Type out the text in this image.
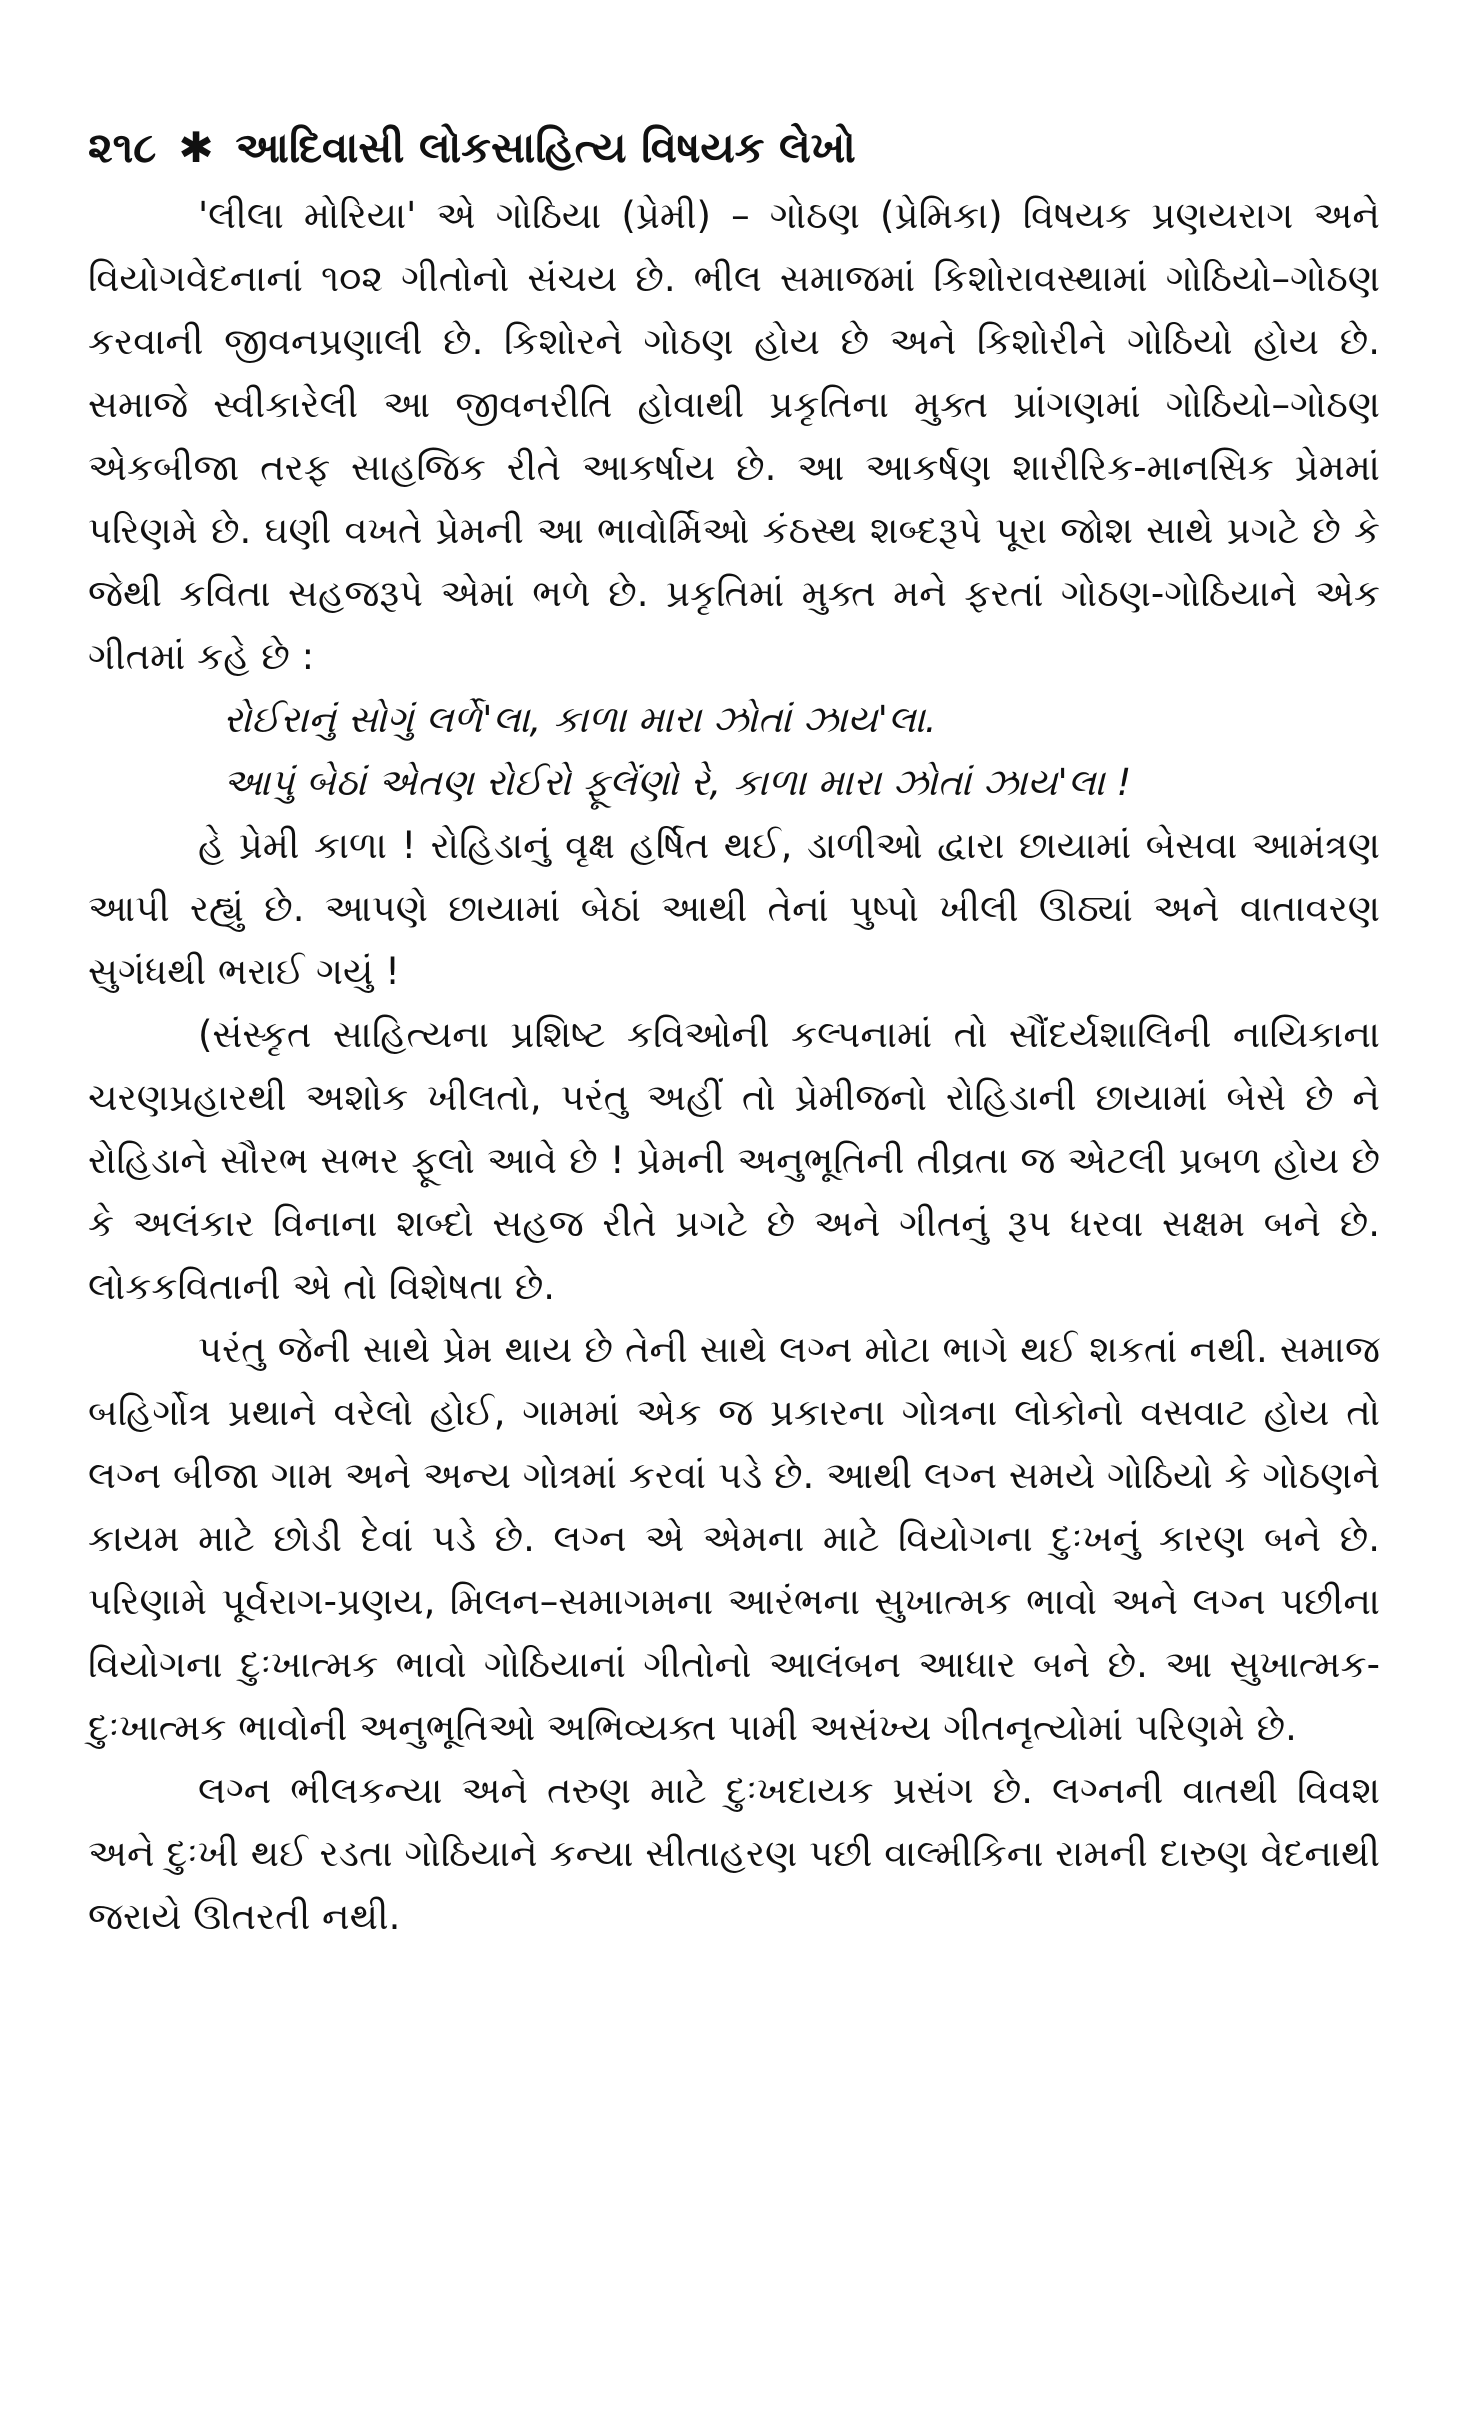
૨૧૮ ✱ આદિવાસી લોકસાહિત્ય વિષયક લેખો

'લીલા મોરિયા' એ ગોઠિયા (પ્રેમી) – ગોઠણ (પ્રેમિકા) વિષયક પ્રણયરાગ અને વિયોગવેદનાનાં ૧૦૨ ગીતોનો સંચય છે. ભીલ સમાજમાં કિશોરાવસ્થામાં ગોઠિયો–ગોઠણ કરવાની જીવનપ્રણાલી છે. કિશોરને ગોઠણ હોય છે અને કિશોરીને ગોઠિયો હોય છે. સમાજે સ્વીકારેલી આ જીવનરીતિ હોવાથી પ્રકૃતિના મુક્ત પ્રાંગણમાં ગોઠિયો–ગોઠણ એકબીજા તરફ સાહજિક રીતે આકર્ષાય છે. આ આકર્ષણ શારીરિક-માનસિક પ્રેમમાં પરિણમે છે. ઘણી વખતે પ્રેમની આ ભાવોર્મિઓ કંઠસ્થ શબ્દરૂપે પૂરા જોશ સાથે પ્રગટે છે કે જેથી કવિતા સહજરૂપે એમાં ભળે છે. પ્રકૃતિમાં મુક્ત મને ફરતાં ગોઠણ-ગોઠિયાને એક ગીતમાં કહે છે :

રોઈરાનું સોગું લર્ળે'લા, કાળા મારા ઝોતાં ઝાય'લા.

આપું બેઠાં એતણ રોઈરો ફૂલેંણો રે, કાળા મારા ઝોતાં ઝાય'લા !

હે પ્રેમી કાળા ! રોહિડાનું વૃક્ષ હર્ષિત થઈ, ડાળીઓ દ્વારા છાયામાં બેસવા આમંત્રણ આપી રહ્યું છે. આપણે છાયામાં બેઠાં આથી તેનાં પુષ્પો ખીલી ઊઠ્યાં અને વાતાવરણ સુગંધથી ભરાઈ ગયું !

(સંસ્કૃત સાહિત્યના પ્રશિષ્ટ કવિઓની કલ્પનામાં તો સૌંદર્યશાલિની નાયિકાના ચરણપ્રહારથી અશોક ખીલતો, પરંતુ અહીં તો પ્રેમીજનો રોહિડાની છાયામાં બેસે છે ને રોહિડાને સૌરભ સભર ફૂલો આવે છે ! પ્રેમની અનુભૂતિની તીવ્રતા જ એટલી પ્રબળ હોય છે કે અલંકાર વિનાના શબ્દો સહજ રીતે પ્રગટે છે અને ગીતનું રૂપ ધરવા સક્ષમ બને છે. લોકકવિતાની એ તો વિશેષતા છે.

પરંતુ જેની સાથે પ્રેમ થાય છે તેની સાથે લગ્ન મોટા ભાગે થઈ શકતાં નથી. સમાજ બહિર્ગોત્ર પ્રથાને વરેલો હોઈ, ગામમાં એક જ પ્રકારના ગોત્રના લોકોનો વસવાટ હોય તો લગ્ન બીજા ગામ અને અન્ય ગોત્રમાં કરવાં પડે છે. આથી લગ્ન સમયે ગોઠિયો કે ગોઠણને કાયમ માટે છોડી દેવાં પડે છે. લગ્ન એ એમના માટે વિયોગના દુઃખનું કારણ બને છે. પરિણામે પૂર્વરાગ-પ્રણય, મિલન–સમાગમના આરંભના સુખાત્મક ભાવો અને લગ્ન પછીના વિયોગના દુઃખાત્મક ભાવો ગોઠિયાનાં ગીતોનો આલંબન આધાર બને છે. આ સુખાત્મક-દુઃખાત્મક ભાવોની અનુભૂતિઓ અભિવ્યક્ત પામી અસંખ્ય ગીતનૃત્યોમાં પરિણમે છે.

લગ્ન ભીલકન્યા અને તરુણ માટે દુઃખદાયક પ્રસંગ છે. લગ્નની વાતથી વિવશ અને દુઃખી થઈ રડતા ગોઠિયાને કન્યા સીતાહરણ પછી વાલ્મીકિના રામની દારુણ વેદનાથી જરાયે ઊતરતી નથી.
